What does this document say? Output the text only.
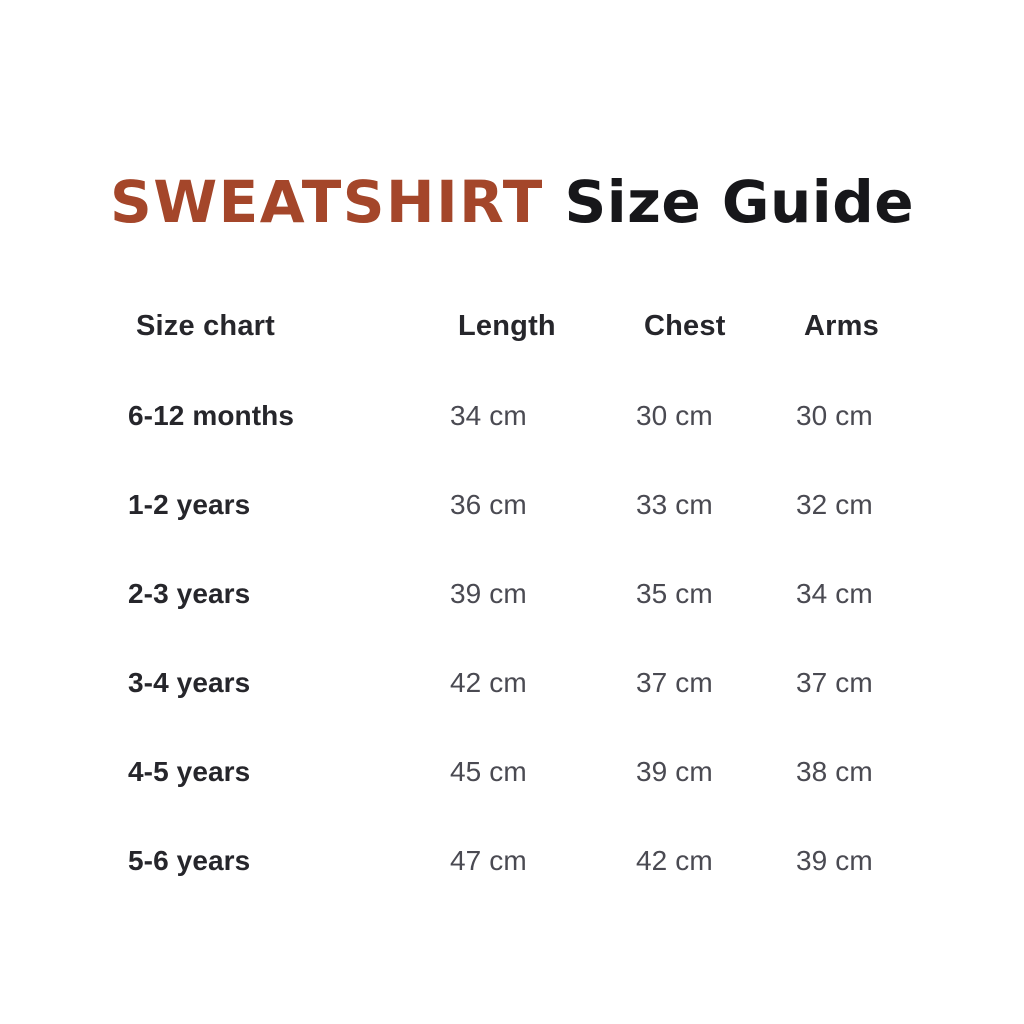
SWEATSHIRT Size Guide
Size chart	Length	Chest	Arms
6-12 months	34 cm	30 cm	30 cm
1-2 years	36 cm	33 cm	32 cm
2-3 years	39 cm	35 cm	34 cm
3-4 years	42 cm	37 cm	37 cm
4-5 years	45 cm	39 cm	38 cm
5-6 years	47 cm	42 cm	39 cm
